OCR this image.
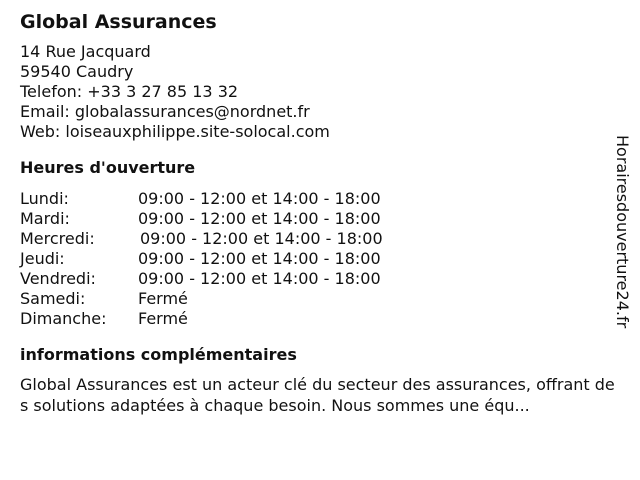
Global Assurances
14 Rue Jacquard
59540 Caudry
Telefon: +33 3 27 85 13 32
Email: globalassurances@nordnet.fr
Web: loiseauxphilippe.site-solocal.com
Heures d'ouverture
Lundi:	09:00 - 12:00 et 14:00 - 18:00
Mardi:	09:00 - 12:00 et 14:00 - 18:00
Mercredi:	09:00 - 12:00 et 14:00 - 18:00
Jeudi:	09:00 - 12:00 et 14:00 - 18:00
Vendredi:	09:00 - 12:00 et 14:00 - 18:00
Samedi:	Fermé
Dimanche:	Fermé
informations complémentaires
Global Assurances est un acteur clé du secteur des assurances, offrant des solutions adaptées à chaque besoin. Nous sommes une équ...
Horairesdouverture24.fr
